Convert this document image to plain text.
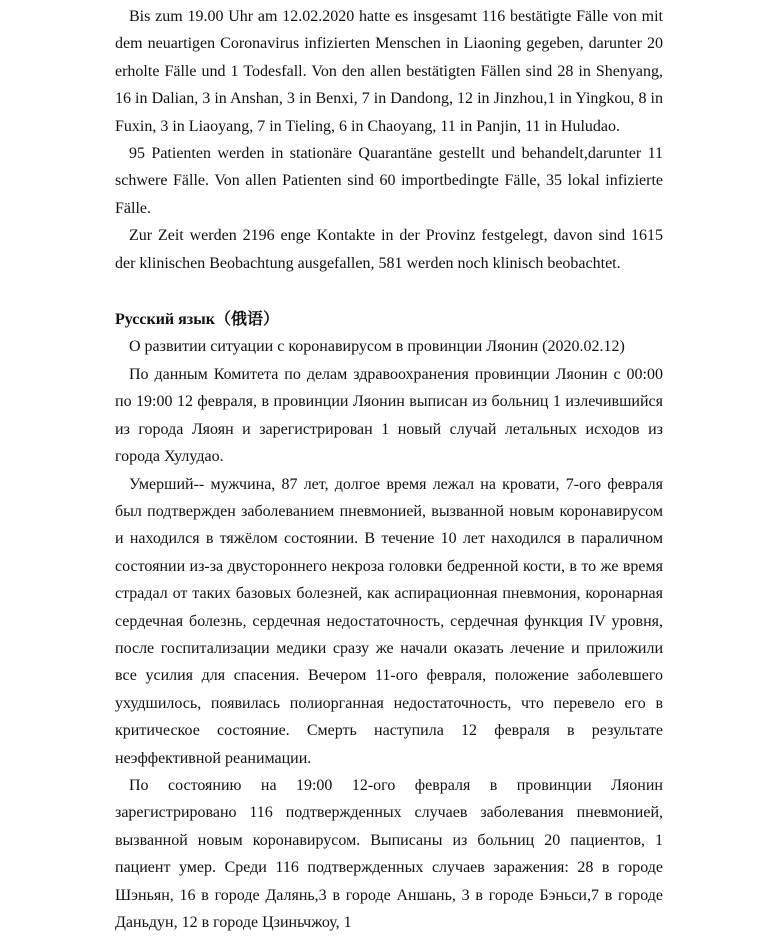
Bis zum 19.00 Uhr am 12.02.2020 hatte es insgesamt 116 bestätigte Fälle von mit dem neuartigen Coronavirus infizierten Menschen in Liaoning gegeben, darunter 20 erholte Fälle und 1 Todesfall. Von den allen bestätigten Fällen sind 28 in Shenyang, 16 in Dalian, 3 in Anshan, 3 in Benxi, 7 in Dandong, 12 in Jinzhou,1 in Yingkou, 8 in Fuxin, 3 in Liaoyang, 7 in Tieling, 6 in Chaoyang, 11 in Panjin, 11 in Huludao.

95 Patienten werden in stationäre Quarantäne gestellt und behandelt,darunter 11 schwere Fälle. Von allen Patienten sind 60 importbedingte Fälle, 35 lokal infizierte Fälle.

Zur Zeit werden 2196 enge Kontakte in der Provinz festgelegt, davon sind 1615 der klinischen Beobachtung ausgefallen, 581 werden noch klinisch beobachtet.

Русский язык（俄语）

О развитии ситуации с коронавирусом в провинции Ляонин (2020.02.12)

По данным Комитета по делам здравоохранения провинции Ляонин с 00:00 по 19:00 12 февраля, в провинции Ляонин выписан из больниц 1 излечившийся из города Ляоян и зарегистрирован 1 новый случай летальных исходов из города Хулудао.

Умерший-- мужчина, 87 лет, долгое время лежал на кровати, 7-ого февраля был подтвержден заболеванием пневмонией, вызванной новым коронавирусом и находился в тяжёлом состоянии. В течение 10 лет находился в параличном состоянии из-за двустороннего некроза головки бедренной кости, в то же время страдал от таких базовых болезней, как аспирационная пневмония, коронарная сердечная болезнь, сердечная недостаточность, сердечная функция IV уровня, после госпитализации медики сразу же начали оказать лечение и приложили все усилия для спасения. Вечером 11-ого февраля, положение заболевшего ухудшилось, появилась полиорганная недостаточность, что перевело его в критическое состояние. Смерть наступила 12 февраля в результате неэффективной реанимации.

По состоянию на 19:00 12-ого февраля в провинции Ляонин зарегистрировано 116 подтвержденных случаев заболевания пневмонией, вызванной новым коронавирусом. Выписаны из больниц 20 пациентов, 1 пациент умер. Среди 116 подтвержденных случаев заражения: 28 в городе Шэньян, 16 в городе Далянь,3 в городе Аншань, 3 в городе Бэньси,7 в городе Даньдун, 12 в городе Цзиньчжоу, 1
